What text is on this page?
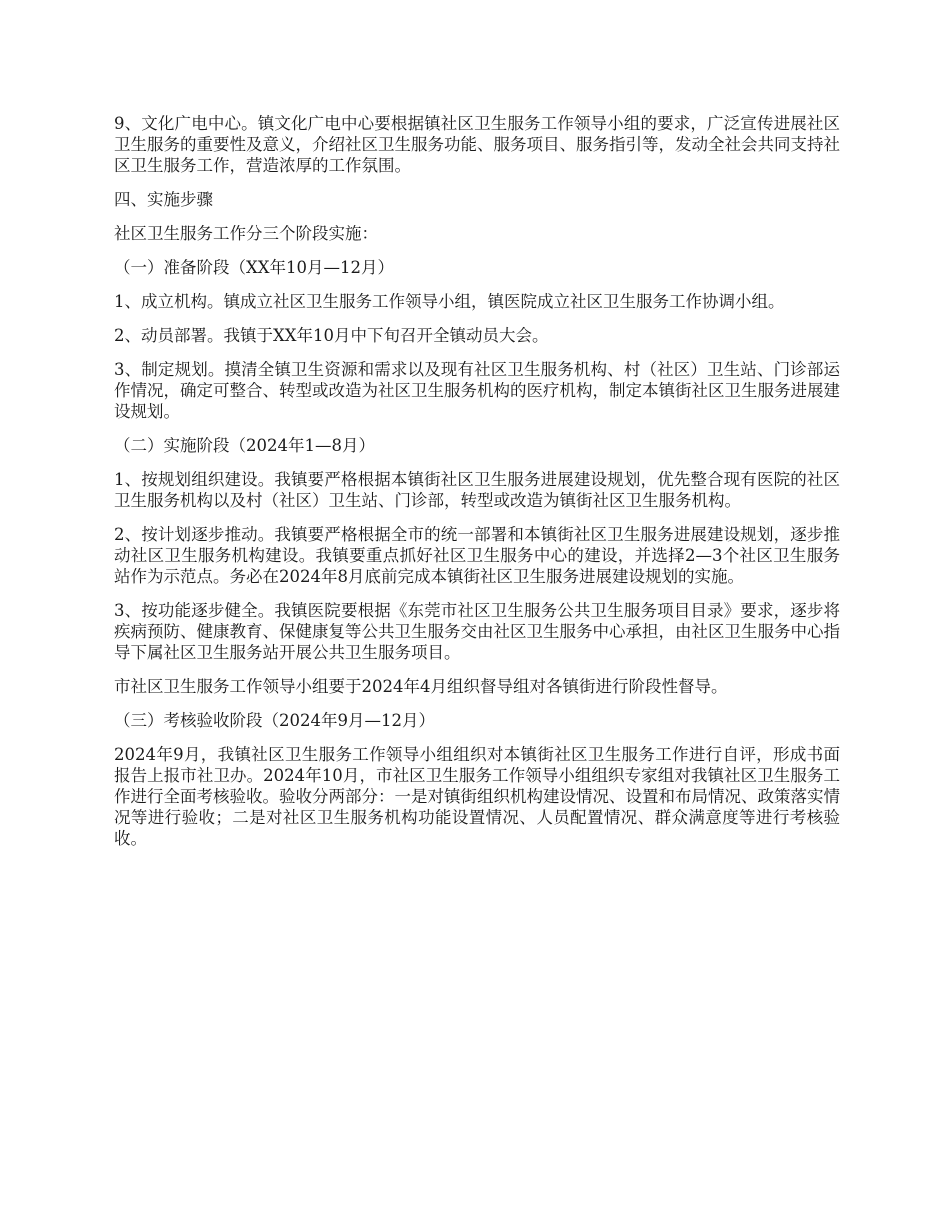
9、文化广电中心。镇文化广电中心要根据镇社区卫生服务工作领导小组的要求，广泛宣传进展社区卫生服务的重要性及意义，介绍社区卫生服务功能、服务项目、服务指引等，发动全社会共同支持社区卫生服务工作，营造浓厚的工作氛围。

四、实施步骤

社区卫生服务工作分三个阶段实施：

（一）准备阶段（XX年10月—12月）

1、成立机构。镇成立社区卫生服务工作领导小组，镇医院成立社区卫生服务工作协调小组。

2、动员部署。我镇于XX年10月中下旬召开全镇动员大会。

3、制定规划。摸清全镇卫生资源和需求以及现有社区卫生服务机构、村（社区）卫生站、门诊部运作情况，确定可整合、转型或改造为社区卫生服务机构的医疗机构，制定本镇街社区卫生服务进展建设规划。

（二）实施阶段（2024年1—8月）

1、按规划组织建设。我镇要严格根据本镇街社区卫生服务进展建设规划，优先整合现有医院的社区卫生服务机构以及村（社区）卫生站、门诊部，转型或改造为镇街社区卫生服务机构。

2、按计划逐步推动。我镇要严格根据全市的统一部署和本镇街社区卫生服务进展建设规划，逐步推动社区卫生服务机构建设。我镇要重点抓好社区卫生服务中心的建设，并选择2—3个社区卫生服务站作为示范点。务必在2024年8月底前完成本镇街社区卫生服务进展建设规划的实施。

3、按功能逐步健全。我镇医院要根据《东莞市社区卫生服务公共卫生服务项目目录》要求，逐步将疾病预防、健康教育、保健康复等公共卫生服务交由社区卫生服务中心承担，由社区卫生服务中心指导下属社区卫生服务站开展公共卫生服务项目。

市社区卫生服务工作领导小组要于2024年4月组织督导组对各镇街进行阶段性督导。

（三）考核验收阶段（2024年9月—12月）

2024年9月，我镇社区卫生服务工作领导小组组织对本镇街社区卫生服务工作进行自评，形成书面报告上报市社卫办。2024年10月，市社区卫生服务工作领导小组组织专家组对我镇社区卫生服务工作进行全面考核验收。验收分两部分：一是对镇街组织机构建设情况、设置和布局情况、政策落实情况等进行验收；二是对社区卫生服务机构功能设置情况、人员配置情况、群众满意度等进行考核验收。
